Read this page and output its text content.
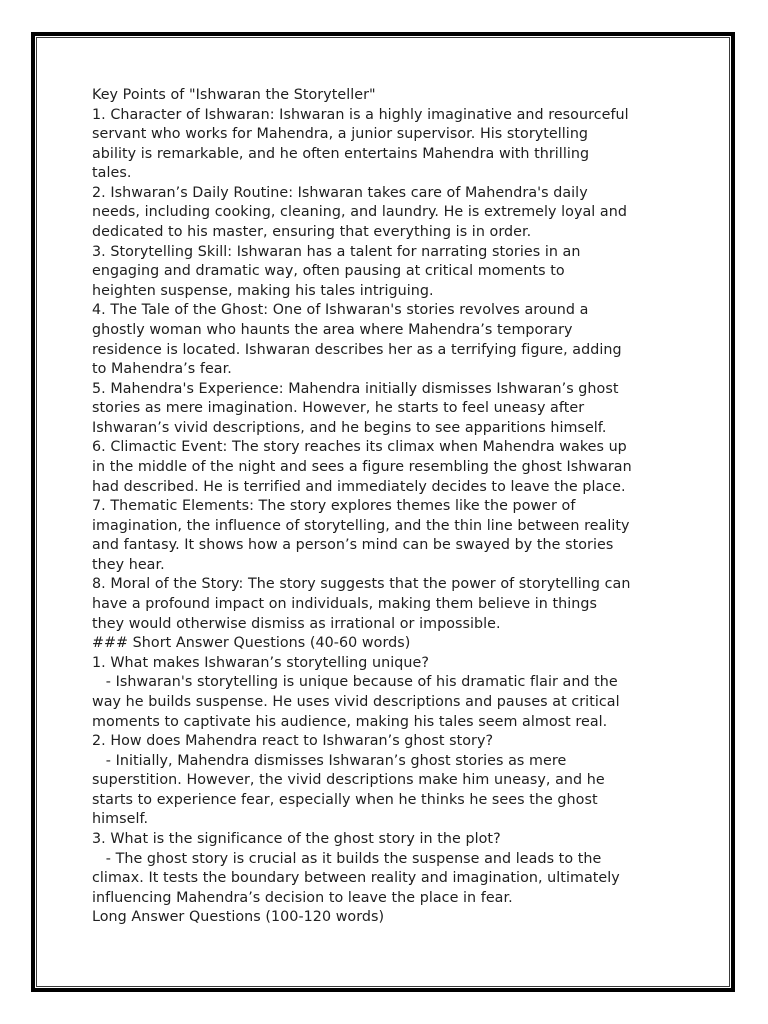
Key Points of "Ishwaran the Storyteller"
1. Character of Ishwaran: Ishwaran is a highly imaginative and resourceful
servant who works for Mahendra, a junior supervisor. His storytelling
ability is remarkable, and he often entertains Mahendra with thrilling
tales.
2. Ishwaran’s Daily Routine: Ishwaran takes care of Mahendra's daily
needs, including cooking, cleaning, and laundry. He is extremely loyal and
dedicated to his master, ensuring that everything is in order.
3. Storytelling Skill: Ishwaran has a talent for narrating stories in an
engaging and dramatic way, often pausing at critical moments to
heighten suspense, making his tales intriguing.
4. The Tale of the Ghost: One of Ishwaran's stories revolves around a
ghostly woman who haunts the area where Mahendra’s temporary
residence is located. Ishwaran describes her as a terrifying figure, adding
to Mahendra’s fear.
5. Mahendra's Experience: Mahendra initially dismisses Ishwaran’s ghost
stories as mere imagination. However, he starts to feel uneasy after
Ishwaran’s vivid descriptions, and he begins to see apparitions himself.
6. Climactic Event: The story reaches its climax when Mahendra wakes up
in the middle of the night and sees a figure resembling the ghost Ishwaran
had described. He is terrified and immediately decides to leave the place.
7. Thematic Elements: The story explores themes like the power of
imagination, the influence of storytelling, and the thin line between reality
and fantasy. It shows how a person’s mind can be swayed by the stories
they hear.
8. Moral of the Story: The story suggests that the power of storytelling can
have a profound impact on individuals, making them believe in things
they would otherwise dismiss as irrational or impossible.
### Short Answer Questions (40-60 words)
1. What makes Ishwaran’s storytelling unique?
- Ishwaran's storytelling is unique because of his dramatic flair and the
way he builds suspense. He uses vivid descriptions and pauses at critical
moments to captivate his audience, making his tales seem almost real.
2. How does Mahendra react to Ishwaran’s ghost story?
- Initially, Mahendra dismisses Ishwaran’s ghost stories as mere
superstition. However, the vivid descriptions make him uneasy, and he
starts to experience fear, especially when he thinks he sees the ghost
himself.
3. What is the significance of the ghost story in the plot?
- The ghost story is crucial as it builds the suspense and leads to the
climax. It tests the boundary between reality and imagination, ultimately
influencing Mahendra’s decision to leave the place in fear.
Long Answer Questions (100-120 words)
